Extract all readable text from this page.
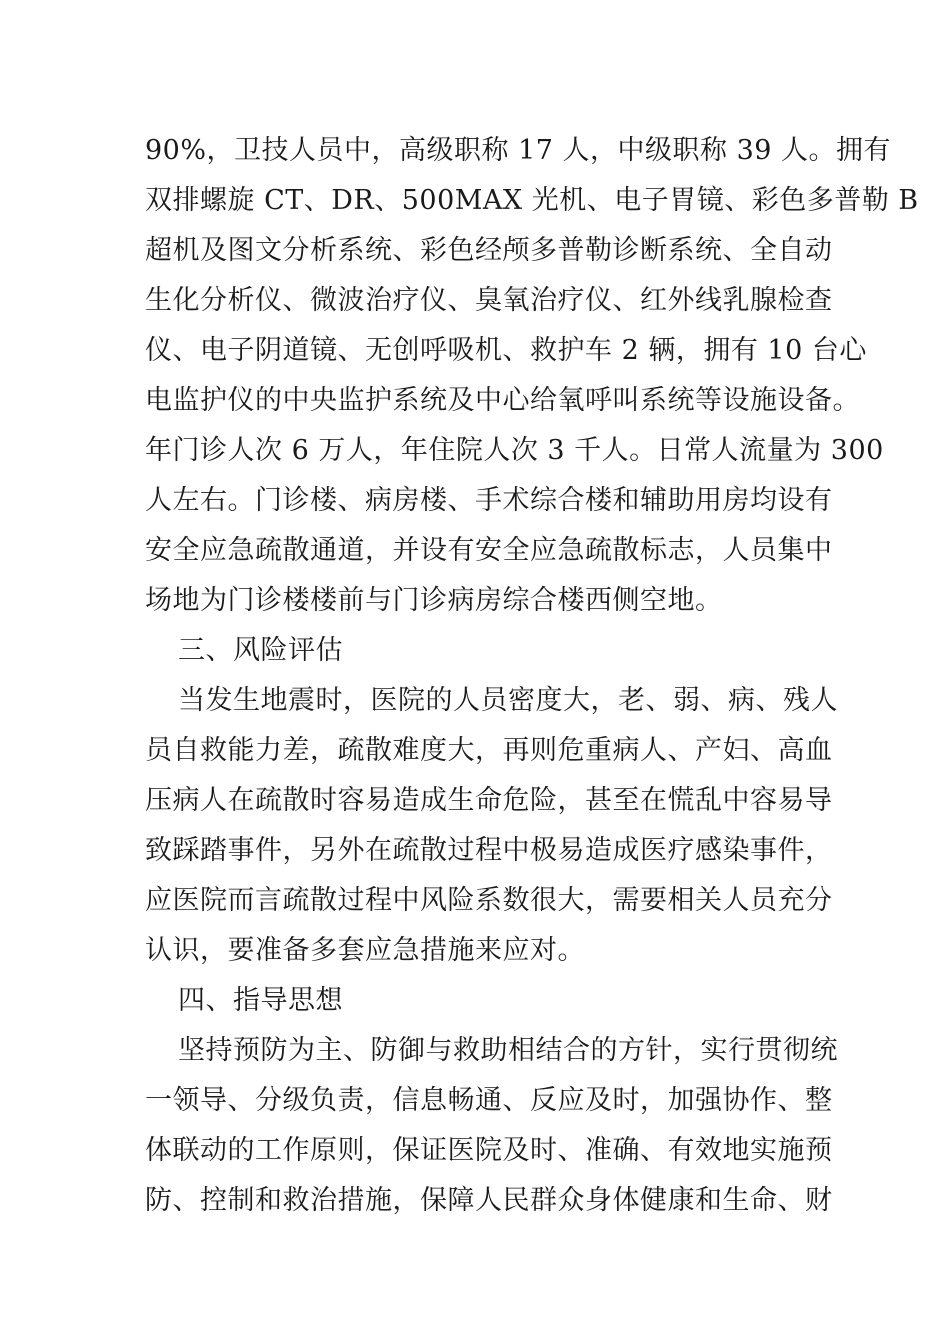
90%，卫技人员中，高级职称 17 人，中级职称 39 人。拥有
双排螺旋 CT、DR、500MAX 光机、电子胃镜、彩色多普勒 B
超机及图文分析系统、彩色经颅多普勒诊断系统、全自动
生化分析仪、微波治疗仪、臭氧治疗仪、红外线乳腺检查
仪、电子阴道镜、无创呼吸机、救护车 2 辆，拥有 10 台心
电监护仪的中央监护系统及中心给氧呼叫系统等设施设备。
年门诊人次 6 万人，年住院人次 3 千人。日常人流量为 300
人左右。门诊楼、病房楼、手术综合楼和辅助用房均设有
安全应急疏散通道，并设有安全应急疏散标志，人员集中
场地为门诊楼楼前与门诊病房综合楼西侧空地。
三、风险评估
当发生地震时，医院的人员密度大，老、弱、病、残人
员自救能力差，疏散难度大，再则危重病人、产妇、高血
压病人在疏散时容易造成生命危险，甚至在慌乱中容易导
致踩踏事件，另外在疏散过程中极易造成医疗感染事件，
应医院而言疏散过程中风险系数很大，需要相关人员充分
认识，要准备多套应急措施来应对。
四、指导思想
坚持预防为主、防御与救助相结合的方针，实行贯彻统
一领导、分级负责，信息畅通、反应及时，加强协作、整
体联动的工作原则，保证医院及时、准确、有效地实施预
防、控制和救治措施，保障人民群众身体健康和生命、财
